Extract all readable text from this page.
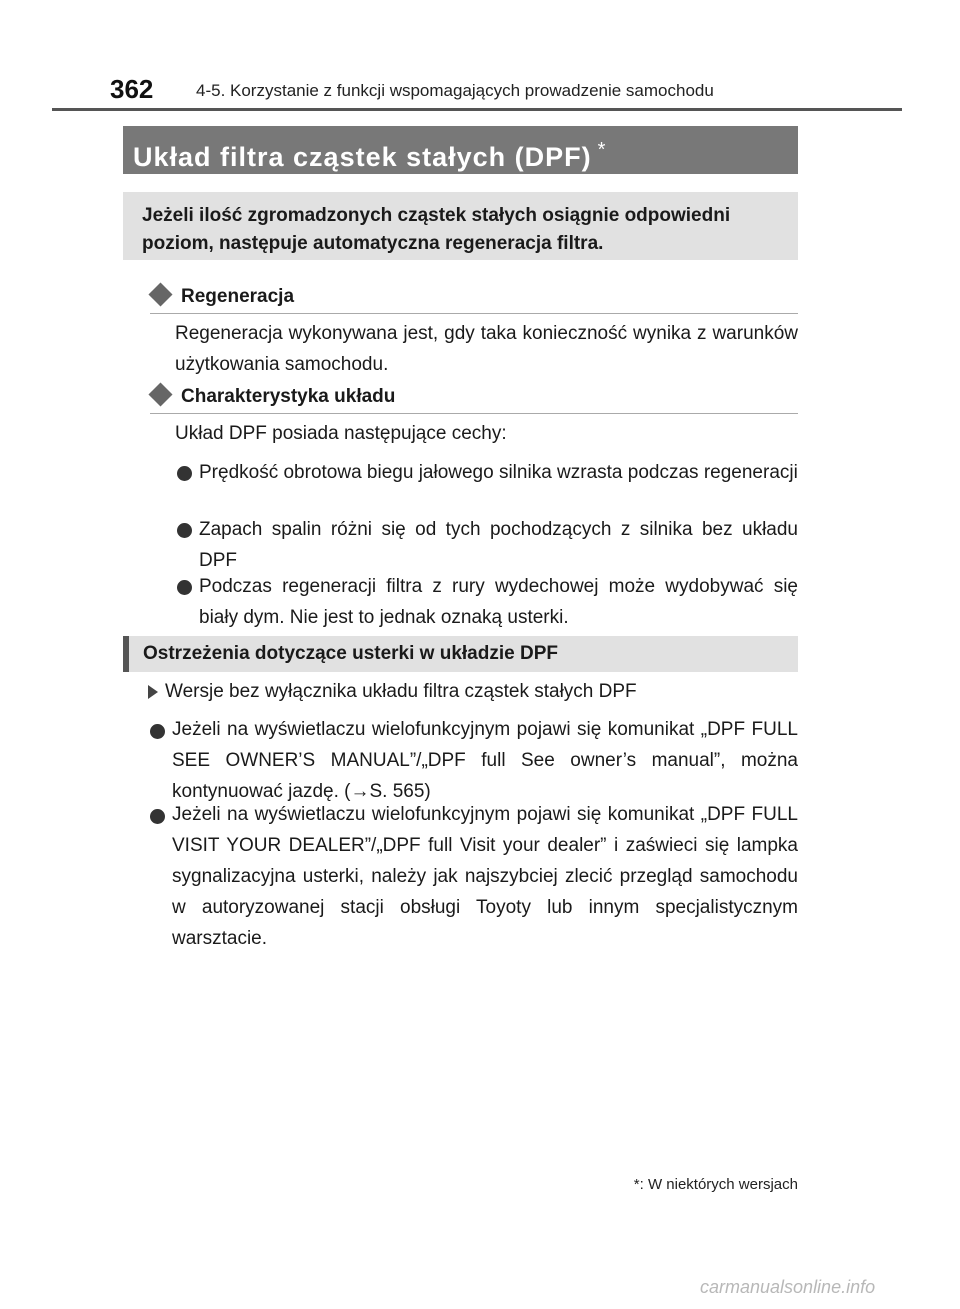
362	4-5. Korzystanie z funkcji wspomagających prowadzenie samochodu
Układ filtra cząstek stałych (DPF) *
Jeżeli ilość zgromadzonych cząstek stałych osiągnie odpowiedni poziom, następuje automatyczna regeneracja filtra.
Regeneracja
Regeneracja wykonywana jest, gdy taka konieczność wynika z warunków użytkowania samochodu.
Charakterystyka układu
Układ DPF posiada następujące cechy:
Prędkość obrotowa biegu jałowego silnika wzrasta podczas regeneracji
Zapach spalin różni się od tych pochodzących z silnika bez układu DPF
Podczas regeneracji filtra z rury wydechowej może wydobywać się biały dym. Nie jest to jednak oznaką usterki.
Ostrzeżenia dotyczące usterki w układzie DPF
Wersje bez wyłącznika układu filtra cząstek stałych DPF
Jeżeli na wyświetlaczu wielofunkcyjnym pojawi się komunikat „DPF FULL SEE OWNER’S MANUAL”/„DPF full See owner’s manual”, można kontynuować jazdę. (→S. 565)
Jeżeli na wyświetlaczu wielofunkcyjnym pojawi się komunikat „DPF FULL VISIT YOUR DEALER”/„DPF full Visit your dealer” i zaświeci się lampka sygnalizacyjna usterki, należy jak najszybciej zlecić przegląd samochodu w autoryzowanej stacji obsługi Toyoty lub innym specjalistycznym warsztacie.
*: W niektórych wersjach
carmanualsonline.info
